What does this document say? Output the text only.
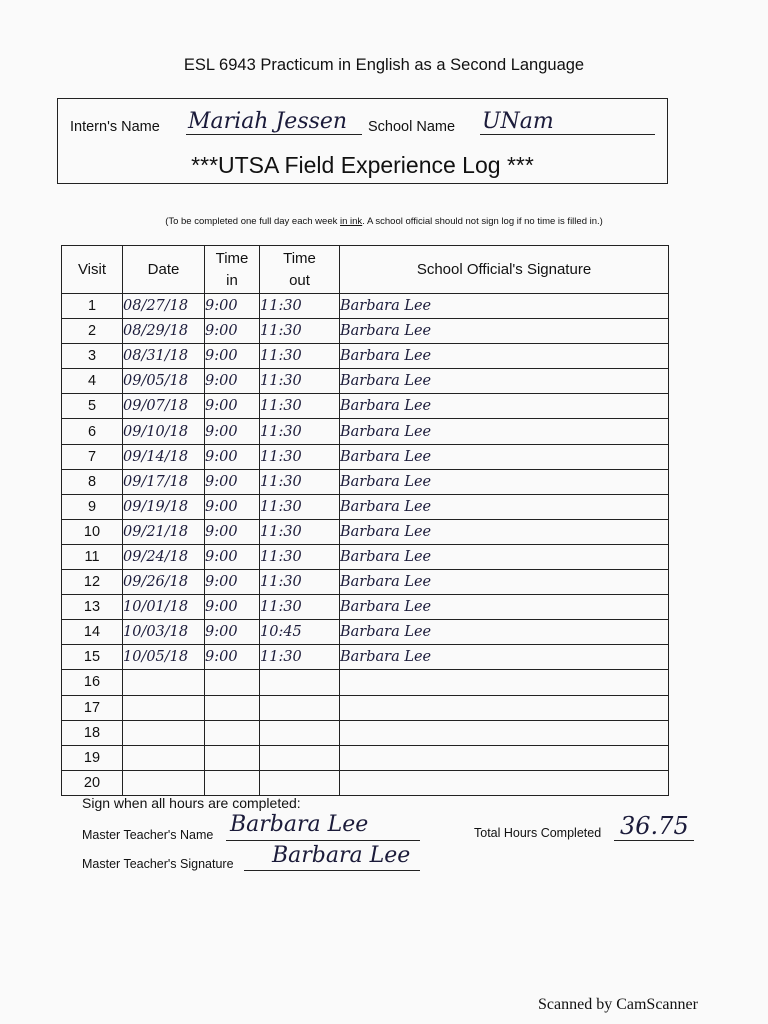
ESL 6943 Practicum in English as a Second Language
Intern's Name Mariah Jessen School Name UNam
***UTSA Field Experience Log ***
(To be completed one full day each week in ink. A school official should not sign log if no time is filled in.)
Visit	Date	Time in	Time out	School Official's Signature
1	08/27/18	9:00	11:30	Barbara Lee
2	08/29/18	9:00	11:30	Barbara Lee
3	08/31/18	9:00	11:30	Barbara Lee
4	09/05/18	9:00	11:30	Barbara Lee
5	09/07/18	9:00	11:30	Barbara Lee
6	09/10/18	9:00	11:30	Barbara Lee
7	09/14/18	9:00	11:30	Barbara Lee
8	09/17/18	9:00	11:30	Barbara Lee
9	09/19/18	9:00	11:30	Barbara Lee
10	09/21/18	9:00	11:30	Barbara Lee
11	09/24/18	9:00	11:30	Barbara Lee
12	09/26/18	9:00	11:30	Barbara Lee
13	10/01/18	9:00	11:30	Barbara Lee
14	10/03/18	9:00	10:45	Barbara Lee
15	10/05/18	9:00	11:30	Barbara Lee
16				
17				
18				
19				
20				
Sign when all hours are completed:
Master Teacher's Name Barbara Lee
Master Teacher's Signature Barbara Lee
Total Hours Completed 36.75
Scanned by CamScanner
